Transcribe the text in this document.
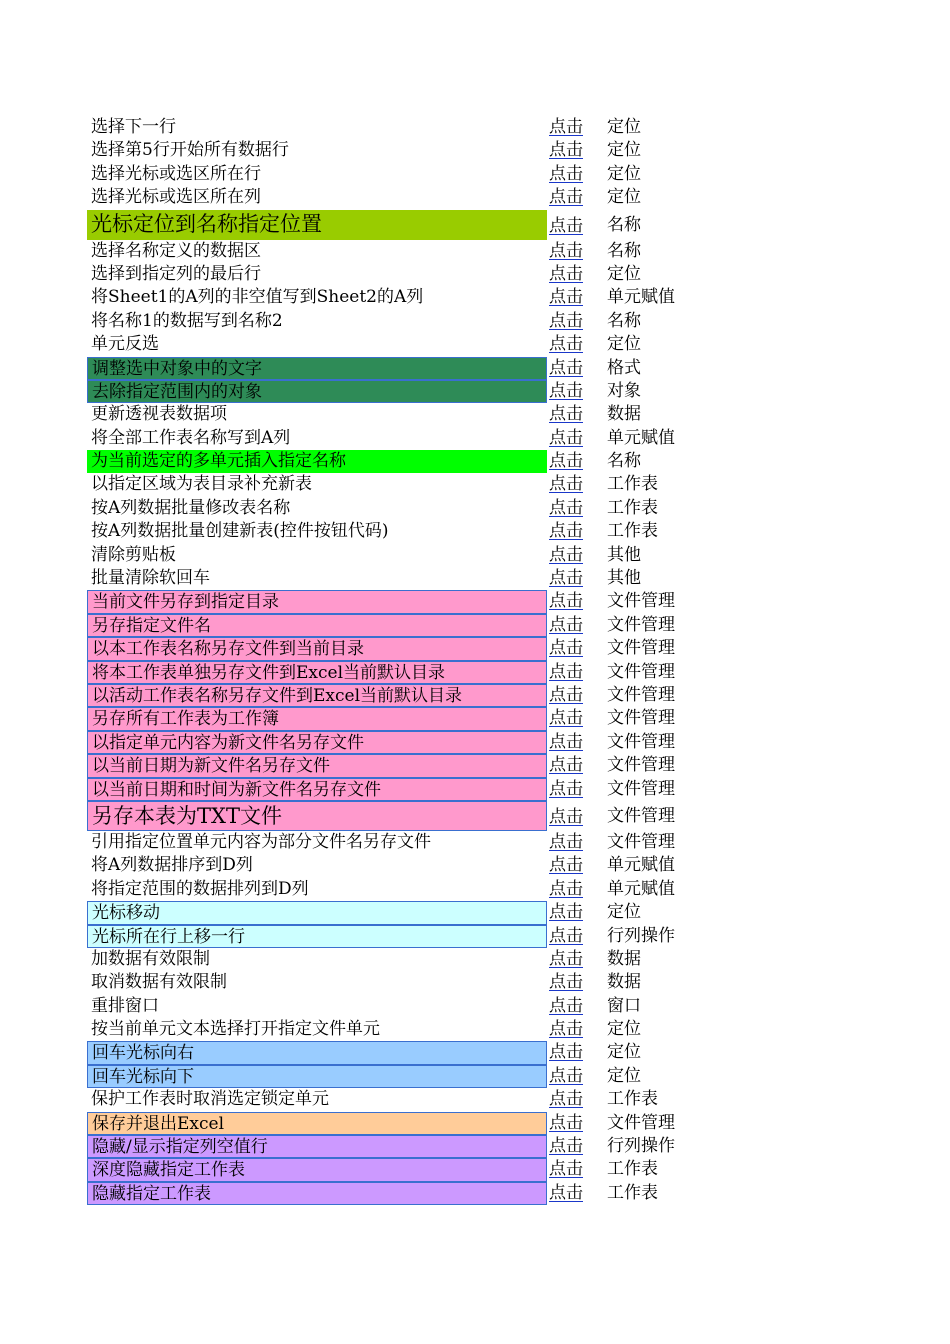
选择下一行	点击 定位
选择第5行开始所有数据行	点击 定位
选择光标或选区所在行	点击 定位
选择光标或选区所在列	点击 定位
光标定位到名称指定位置	点击 名称
选择名称定义的数据区	点击 名称
选择到指定列的最后行	点击 定位
将Sheet1的A列的非空值写到Sheet2的A列	点击 单元赋值
将名称1的数据写到名称2	点击 名称
单元反选	点击 定位
调整选中对象中的文字	点击 格式
去除指定范围内的对象	点击 对象
更新透视表数据项	点击 数据
将全部工作表名称写到A列	点击 单元赋值
为当前选定的多单元插入指定名称	点击 名称
以指定区域为表目录补充新表	点击 工作表
按A列数据批量修改表名称	点击 工作表
按A列数据批量创建新表(控件按钮代码)	点击 工作表
清除剪贴板	点击 其他
批量清除软回车	点击 其他
当前文件另存到指定目录	点击 文件管理
另存指定文件名	点击 文件管理
以本工作表名称另存文件到当前目录	点击 文件管理
将本工作表单独另存文件到Excel当前默认目录	点击 文件管理
以活动工作表名称另存文件到Excel当前默认目录	点击 文件管理
另存所有工作表为工作簿	点击 文件管理
以指定单元内容为新文件名另存文件	点击 文件管理
以当前日期为新文件名另存文件	点击 文件管理
以当前日期和时间为新文件名另存文件	点击 文件管理
另存本表为TXT文件	点击 文件管理
引用指定位置单元内容为部分文件名另存文件	点击 文件管理
将A列数据排序到D列	点击 单元赋值
将指定范围的数据排列到D列	点击 单元赋值
光标移动	点击 定位
光标所在行上移一行	点击 行列操作
加数据有效限制	点击 数据
取消数据有效限制	点击 数据
重排窗口	点击 窗口
按当前单元文本选择打开指定文件单元	点击 定位
回车光标向右	点击 定位
回车光标向下	点击 定位
保护工作表时取消选定锁定单元	点击 工作表
保存并退出Excel	点击 文件管理
隐藏/显示指定列空值行	点击 行列操作
深度隐藏指定工作表	点击 工作表
隐藏指定工作表	点击 工作表
